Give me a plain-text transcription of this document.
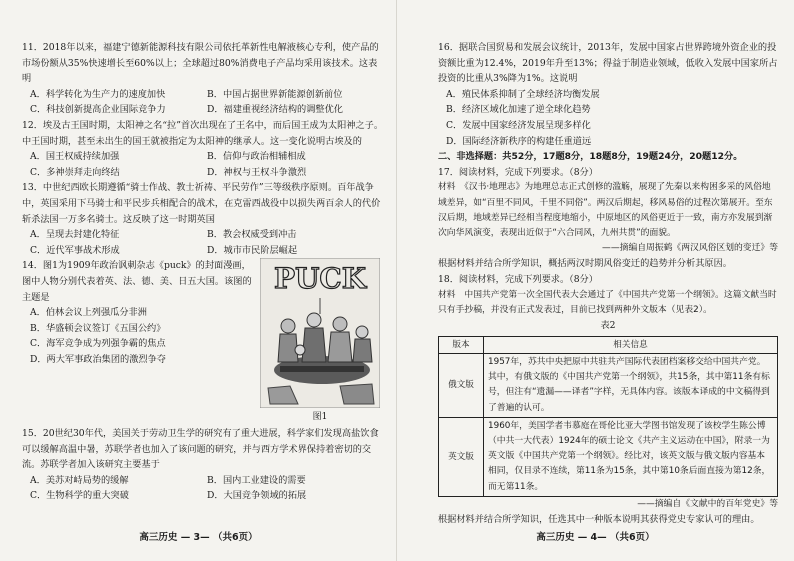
11．2018年以来，福建宁德新能源科技有限公司依托革新性电解液核心专利，使产品的市场份额从35%快速增长至60%以上；全球超过80%消费电子产品均采用该技术。这表明

A．科学转化为生产力的速度加快	B．中国占据世界新能源创新前位
C．科技创新提高企业国际竞争力	D．福建重视经济结构的调整优化

12．埃及古王国时期，太阳神之名“拉”首次出现在了王名中，而后国王成为太阳神之子。中王国时期，甚至未出生的国王就被指定为太阳神的继承人。这一变化说明古埃及的

A．国王权威持续加强	B．信仰与政治相辅相成
C．多神崇拜走向终结	D．神权与王权斗争激烈

13．中世纪西欧长期遵循“骑士作战、教士祈祷、平民劳作”三等级秩序原则。百年战争中，英国采用下马骑士和平民步兵相配合的战术，在克雷西战役中以损失两百余人的代价斩杀法国一万多名骑士。这反映了这一时期英国

A．呈现去封建化特征	B．教会权威受到冲击
C．近代军事战术形成	D．城市市民阶层崛起

14．图1为1909年政治讽刺杂志《puck》的封面漫画，图中人物分别代表着英、法、德、美、日五大国。该图的主题是

A．伯林会议上列强瓜分非洲
B．华盛顿会议签订《五国公约》
C．海军竞争成为列强争霸的焦点
D．两大军事政治集团的激烈争夺
PUCK
图1

15．20世纪30年代，美国关于劳动卫生学的研究有了重大进展，科学家们发现高盐饮食可以缓解高温中暑，苏联学者也加入了该问题的研究，并与西方学术界保持着密切的交流。苏联学者加入该研究主要基于

A．美苏对峙局势的缓解	B．国内工业建设的需要
C．生物科学的重大突破	D．大国竞争领域的拓展
高三历史 — 3— （共6页）

16．据联合国贸易和发展会议统计，2013年，发展中国家占世界跨境外资企业的投资额比重为12.4%，2019年升至13%；得益于制造业领域，低收入发展中国家所占投资的比重从3%降为1%。这说明

A．殖民体系抑制了全球经济均衡发展
B．经济区域化加速了逆全球化趋势
C．发展中国家经济发展呈现多样化
D．国际经济新秩序的构建任重道远

二、非选择题：共52分，17题8分，18题8分，19题24分，20题12分。

17．阅读材料，完成下列要求。（8分）

材料　《汉书·地理志》为地理总志正式创修的滥觞，展现了先秦以来构困多采的风俗地域差异，如“百里不同风，千里不同俗”。两汉后期起，移风易俗的过程次第展开。至东汉后期，地域差异已经相当程度地缩小，中原地区的风俗更近于一致，南方亦发展到渐次向华风演变，表现出近似于“六合同风，九州共贯”的面貌。

——摘编自周振鹤《两汉风俗区划的变迁》等

根据材料并结合所学知识，概括两汉时期风俗变迁的趋势并分析其原因。

18．阅读材料，完成下列要求。（8分）

材料　中国共产党第一次全国代表大会通过了《中国共产党第一个纲领》。这篇文献当时只有手抄稿，并没有正式发表过，目前已找到两种外文版本（见表2）。

表2
版本	相关信息
俄文版	1957年，苏共中央把原中共驻共产国际代表团档案移交给中国共产党。其中，有俄文版的《中国共产党第一个纲领》，共15条，其中第11条有标号，但注有“遗漏——译者”字样，无具体内容。该版本译成的中文稿得到了普遍的认可。
英文版	1960年，美国学者韦慕庭在哥伦比亚大学图书馆发现了该校学生陈公博（中共一大代表）1924年的硕士论文《共产主义运动在中国》，附录一为英文版《中国共产党第一个纲领》。经比对，该英文版与俄文版内容基本相同，仅目录不连续，第11条为15条，其中第10条后面直接为第12条，而无第11条。

——摘编自《文献中的百年党史》等

根据材料并结合所学知识，任选其中一种版本说明其获得党史专家认可的理由。

高三历史 — 4— （共6页）
